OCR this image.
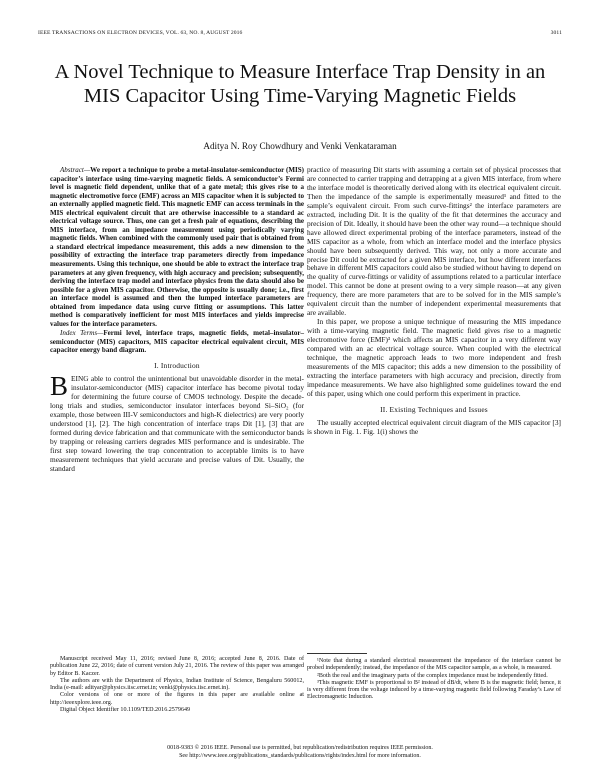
IEEE TRANSACTIONS ON ELECTRON DEVICES, VOL. 63, NO. 8, AUGUST 2016	3011
A Novel Technique to Measure Interface Trap Density in an MIS Capacitor Using Time-Varying Magnetic Fields
Aditya N. Roy Chowdhury and Venki Venkataraman

Abstract—We report a technique to probe a metal-insulator-semiconductor (MIS) capacitor’s interface using time-varying magnetic fields. A semiconductor’s Fermi level is magnetic field dependent, unlike that of a gate metal; this gives rise to a magnetic electromotive force (EMF) across an MIS capacitor when it is subjected to an externally applied magnetic field. This magnetic EMF can access terminals in the MIS electrical equivalent circuit that are otherwise inaccessible to a standard ac electrical voltage source. Thus, one can get a fresh pair of equations, describing the MIS interface, from an impedance measurement using periodically varying magnetic fields. When combined with the commonly used pair that is obtained from a standard electrical impedance measurement, this adds a new dimension to the possibility of extracting the interface trap parameters directly from impedance measurements. Using this technique, one should be able to extract the interface trap parameters at any given frequency, with high accuracy and precision; subsequently, deriving the interface trap model and interface physics from the data should also be possible for a given MIS capacitor. Otherwise, the opposite is usually done; i.e., first an interface model is assumed and then the lumped interface parameters are obtained from impedance data using curve fitting or assumptions. This latter method is comparatively inefficient for most MIS interfaces and yields imprecise values for the interface parameters.

Index Terms—Fermi level, interface traps, magnetic fields, metal–insulator–semiconductor (MIS) capacitors, MIS capacitor electrical equivalent circuit, MIS capacitor energy band diagram.

I. Introduction

BEING able to control the unintentional but unavoidable disorder in the metal-insulator-semiconductor (MIS) capacitor interface has become pivotal today for determining the future course of CMOS technology. Despite the decade-long trials and studies, semiconductor insulator interfaces beyond Si–SiO₂ (for example, those between III-V semiconductors and high-K dielectrics) are very poorly understood [1], [2]. The high concentration of interface traps Dit [1], [3] that are formed during device fabrication and that communicate with the semiconductor bands by trapping or releasing carriers degrades MIS performance and is undesirable. The first step toward lowering the trap concentration to acceptable limits is to have measurement techniques that yield accurate and precise values of Dit. Usually, the standard

Manuscript received May 11, 2016; revised June 8, 2016; accepted June 8, 2016. Date of publication June 22, 2016; date of current version July 21, 2016. The review of this paper was arranged by Editor B. Kaczer.

The authors are with the Department of Physics, Indian Institute of Science, Bengaluru 560012, India (e-mail: adityar@physics.iisc.ernet.in; venki@physics.iisc.ernet.in).

Color versions of one or more of the figures in this paper are available online at http://ieeexplore.ieee.org.

Digital Object Identifier 10.1109/TED.2016.2579649

practice of measuring Dit starts with assuming a certain set of physical processes that are connected to carrier trapping and detrapping at a given MIS interface, from where the interface model is theoretically derived along with its electrical equivalent circuit. Then the impedance of the sample is experimentally measured¹ and fitted to the sample’s equivalent circuit. From such curve-fittings² the interface parameters are extracted, including Dit. It is the quality of the fit that determines the accuracy and precision of Dit. Ideally, it should have been the other way round—a technique should have allowed direct experimental probing of the interface parameters, instead of the MIS capacitor as a whole, from which an interface model and the interface physics should have been subsequently derived. This way, not only a more accurate and precise Dit could be extracted for a given MIS interface, but how different interfaces behave in different MIS capacitors could also be studied without having to depend on the quality of curve-fittings or validity of assumptions related to a particular interface model. This cannot be done at present owing to a very simple reason—at any given frequency, there are more parameters that are to be solved for in the MIS sample’s equivalent circuit than the number of independent experimental measurements that are available.

In this paper, we propose a unique technique of measuring the MIS impedance with a time-varying magnetic field. The magnetic field gives rise to a magnetic electromotive force (EMF)³ which affects an MIS capacitor in a very different way compared with an ac electrical voltage source. When coupled with the electrical technique, the magnetic approach leads to two more independent and fresh measurements of the MIS capacitor; this adds a new dimension to the possibility of extracting the interface parameters with high accuracy and precision, directly from impedance measurements. We have also highlighted some guidelines toward the end of this paper, using which one could perform this experiment in practice.

II. Existing Techniques and Issues

The usually accepted electrical equivalent circuit diagram of the MIS capacitor [3] is shown in Fig. 1. Fig. 1(i) shows the

¹Note that during a standard electrical measurement the impedance of the interface cannot be probed independently; instead, the impedance of the MIS capacitor sample, as a whole, is measured.

²Both the real and the imaginary parts of the complex impedance must be independently fitted.

³This magnetic EMF is proportional to B² instead of dB/dt, where B is the magnetic field; hence, it is very different from the voltage induced by a time-varying magnetic field following Faraday’s Law of Electromagnetic Induction.

0018-9383 © 2016 IEEE. Personal use is permitted, but republication/redistribution requires IEEE permission.
See http://www.ieee.org/publications_standards/publications/rights/index.html for more information.
